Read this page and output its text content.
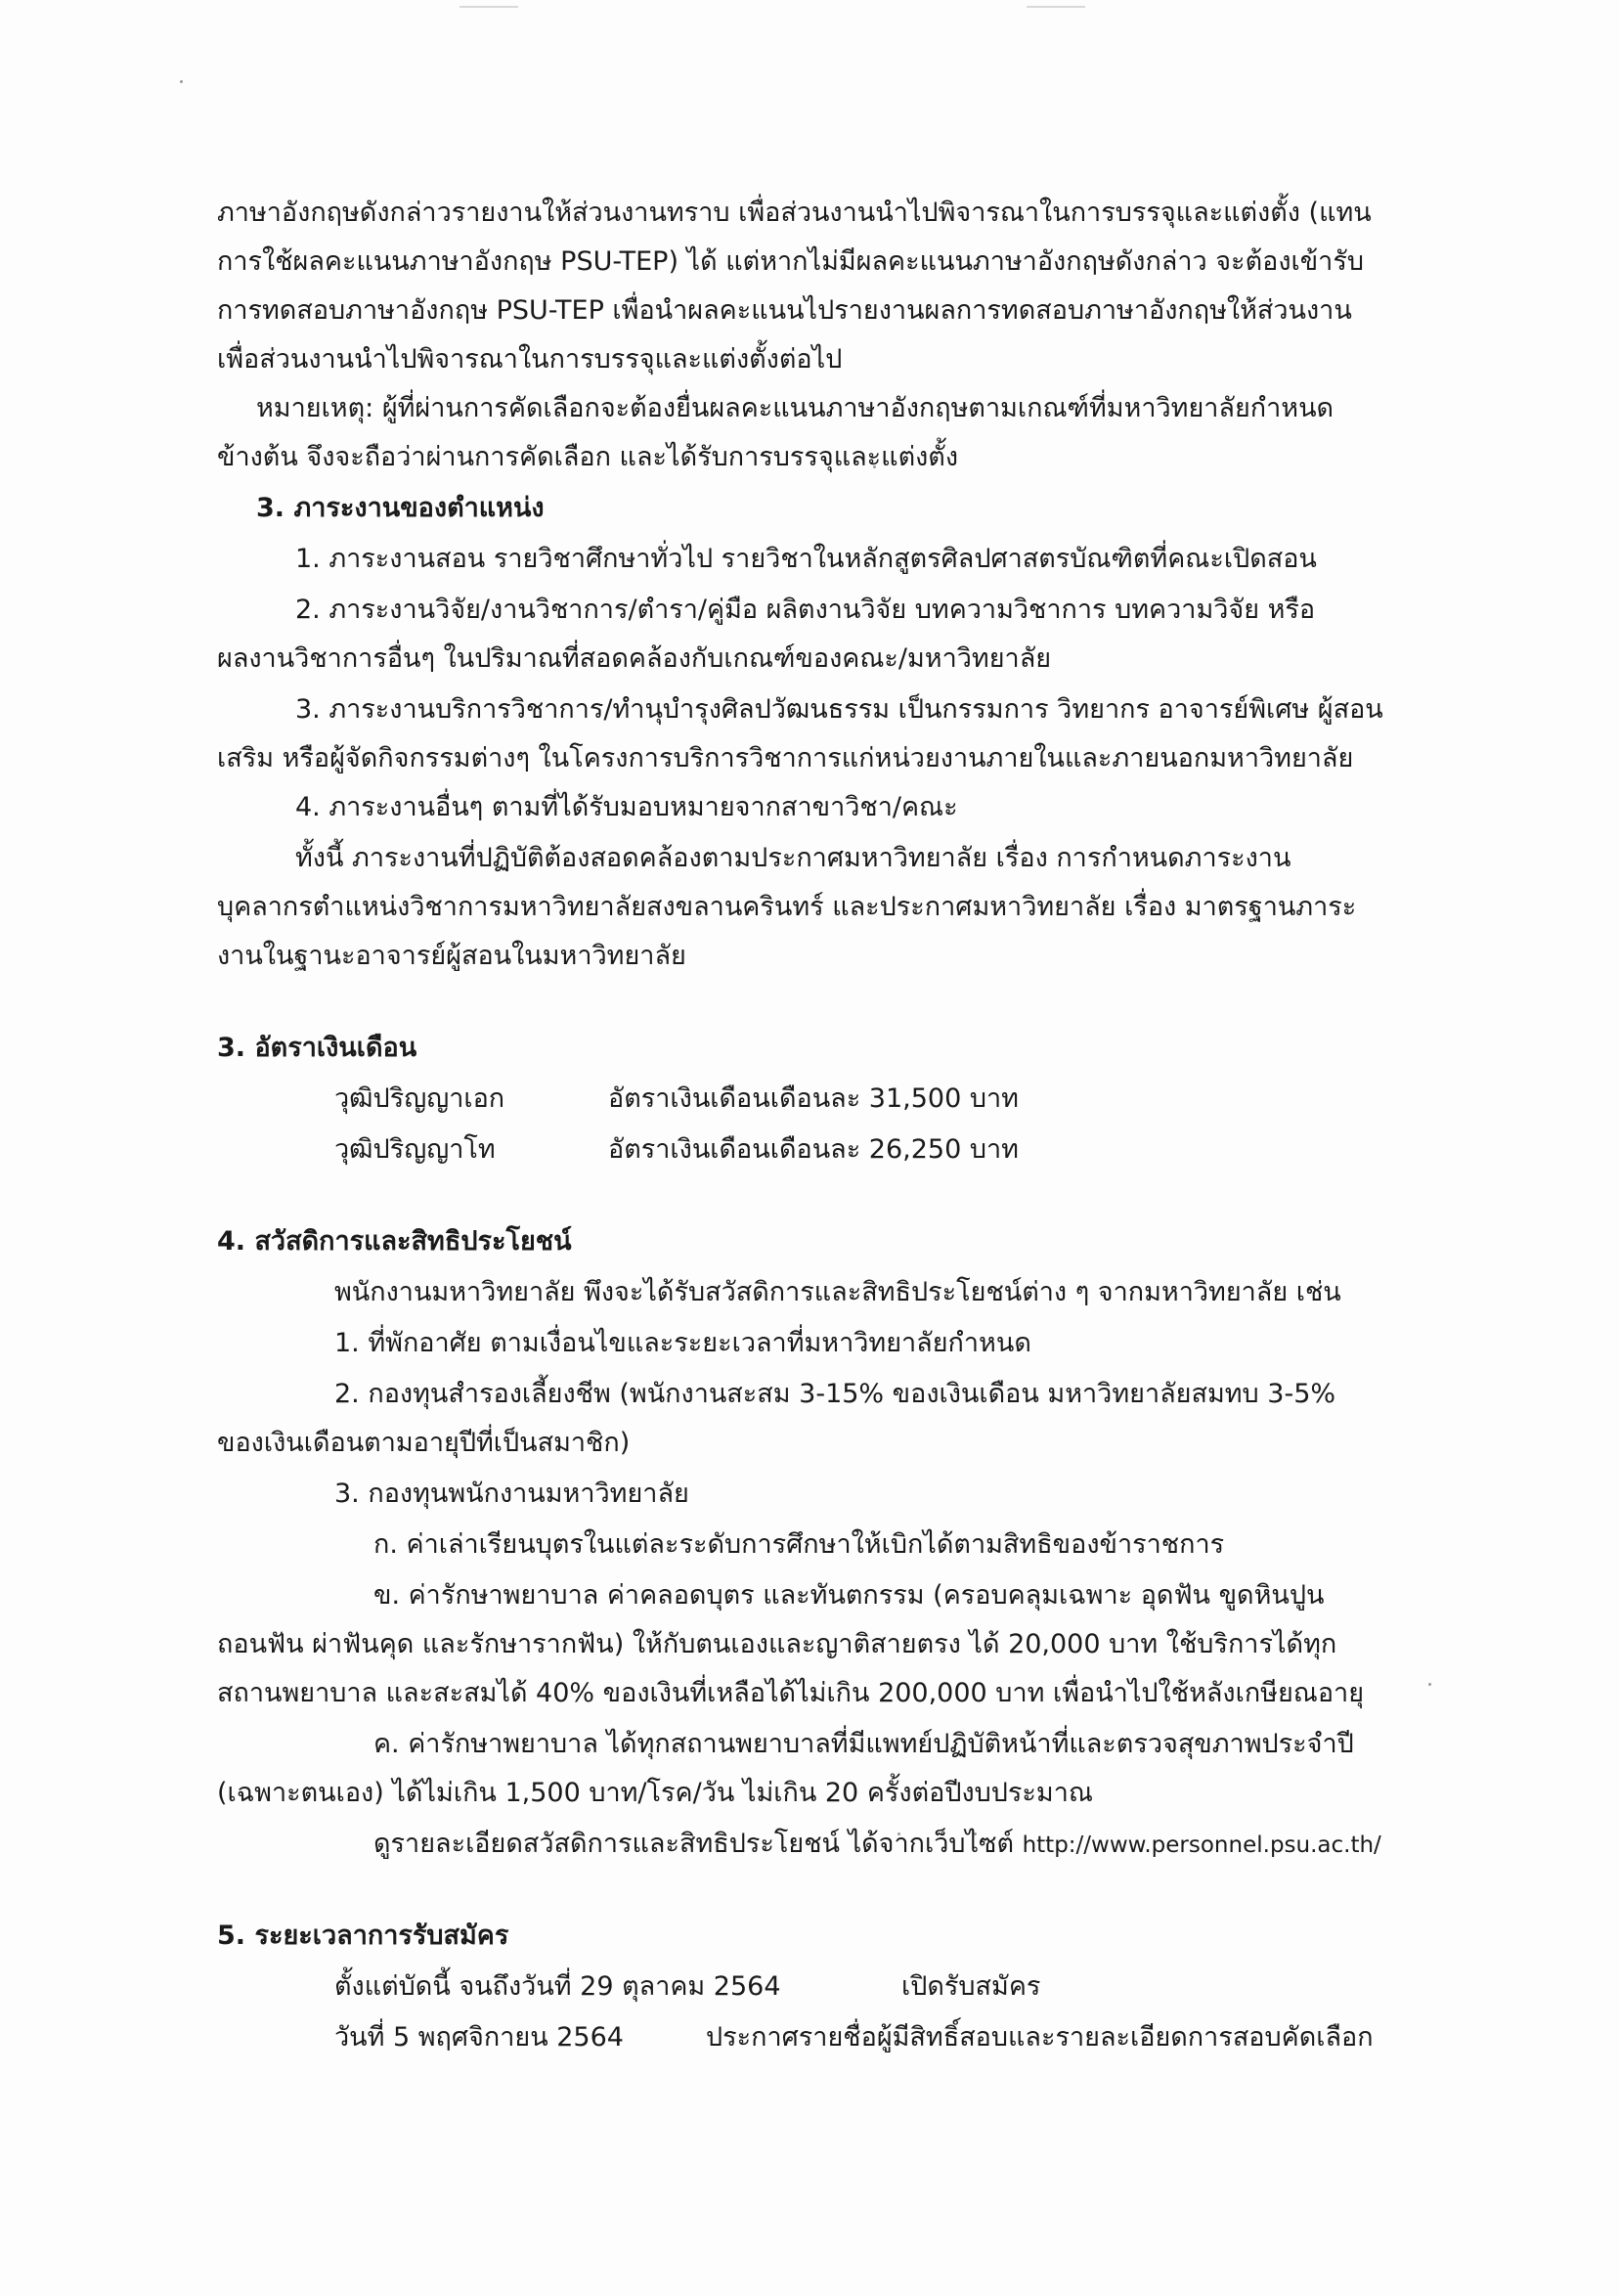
ภาษาอังกฤษดังกล่าวรายงานให้ส่วนงานทราบ เพื่อส่วนงานนำไปพิจารณาในการบรรจุและแต่งตั้ง (แทน
การใช้ผลคะแนนภาษาอังกฤษ PSU-TEP) ได้ แต่หากไม่มีผลคะแนนภาษาอังกฤษดังกล่าว จะต้องเข้ารับ
การทดสอบภาษาอังกฤษ PSU-TEP เพื่อนำผลคะแนนไปรายงานผลการทดสอบภาษาอังกฤษให้ส่วนงาน
เพื่อส่วนงานนำไปพิจารณาในการบรรจุและแต่งตั้งต่อไป
หมายเหตุ: ผู้ที่ผ่านการคัดเลือกจะต้องยื่นผลคะแนนภาษาอังกฤษตามเกณฑ์ที่มหาวิทยาลัยกำหนด
ข้างต้น จึงจะถือว่าผ่านการคัดเลือก และได้รับการบรรจุและแต่งตั้ง
3. ภาระงานของตำแหน่ง
1. ภาระงานสอน รายวิชาศึกษาทั่วไป รายวิชาในหลักสูตรศิลปศาสตรบัณฑิตที่คณะเปิดสอน
2. ภาระงานวิจัย/งานวิชาการ/ตำรา/คู่มือ ผลิตงานวิจัย บทความวิชาการ บทความวิจัย หรือ
ผลงานวิชาการอื่นๆ ในปริมาณที่สอดคล้องกับเกณฑ์ของคณะ/มหาวิทยาลัย
3. ภาระงานบริการวิชาการ/ทำนุบำรุงศิลปวัฒนธรรม เป็นกรรมการ วิทยากร อาจารย์พิเศษ ผู้สอน
เสริม หรือผู้จัดกิจกรรมต่างๆ ในโครงการบริการวิชาการแก่หน่วยงานภายในและภายนอกมหาวิทยาลัย
4. ภาระงานอื่นๆ ตามที่ได้รับมอบหมายจากสาขาวิชา/คณะ
ทั้งนี้ ภาระงานที่ปฏิบัติต้องสอดคล้องตามประกาศมหาวิทยาลัย เรื่อง การกำหนดภาระงาน
บุคลากรตำแหน่งวิชาการมหาวิทยาลัยสงขลานครินทร์ และประกาศมหาวิทยาลัย เรื่อง มาตรฐานภาระ
งานในฐานะอาจารย์ผู้สอนในมหาวิทยาลัย
3. อัตราเงินเดือน
วุฒิปริญญาเอก	อัตราเงินเดือนเดือนละ 31,500 บาท
วุฒิปริญญาโท	อัตราเงินเดือนเดือนละ 26,250 บาท
4. สวัสดิการและสิทธิประโยชน์
พนักงานมหาวิทยาลัย พึงจะได้รับสวัสดิการและสิทธิประโยชน์ต่าง ๆ จากมหาวิทยาลัย เช่น
1. ที่พักอาศัย ตามเงื่อนไขและระยะเวลาที่มหาวิทยาลัยกำหนด
2. กองทุนสำรองเลี้ยงชีพ (พนักงานสะสม 3-15% ของเงินเดือน มหาวิทยาลัยสมทบ 3-5%
ของเงินเดือนตามอายุปีที่เป็นสมาชิก)
3. กองทุนพนักงานมหาวิทยาลัย
ก. ค่าเล่าเรียนบุตรในแต่ละระดับการศึกษาให้เบิกได้ตามสิทธิของข้าราชการ
ข. ค่ารักษาพยาบาล ค่าคลอดบุตร และทันตกรรม (ครอบคลุมเฉพาะ อุดฟัน ขูดหินปูน
ถอนฟัน ผ่าฟันคุด และรักษารากฟัน) ให้กับตนเองและญาติสายตรง ได้ 20,000 บาท ใช้บริการได้ทุก
สถานพยาบาล และสะสมได้ 40% ของเงินที่เหลือได้ไม่เกิน 200,000 บาท เพื่อนำไปใช้หลังเกษียณอายุ
ค. ค่ารักษาพยาบาล ได้ทุกสถานพยาบาลที่มีแพทย์ปฏิบัติหน้าที่และตรวจสุขภาพประจำปี
(เฉพาะตนเอง) ได้ไม่เกิน 1,500 บาท/โรค/วัน ไม่เกิน 20 ครั้งต่อปีงบประมาณ
ดูรายละเอียดสวัสดิการและสิทธิประโยชน์ ได้จากเว็บไซต์ http://www.personnel.psu.ac.th/
5. ระยะเวลาการรับสมัคร
ตั้งแต่บัดนี้ จนถึงวันที่ 29 ตุลาคม 2564	เปิดรับสมัคร
วันที่ 5 พฤศจิกายน 2564	ประกาศรายชื่อผู้มีสิทธิ์สอบและรายละเอียดการสอบคัดเลือก
